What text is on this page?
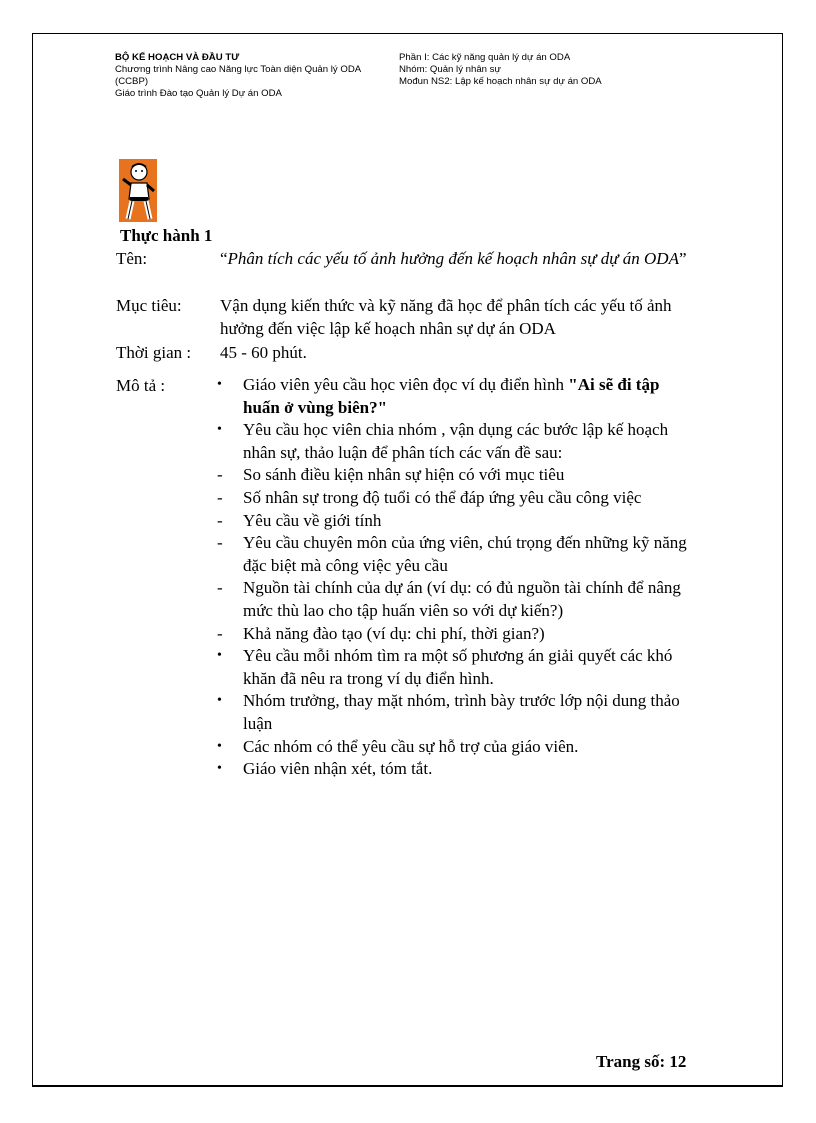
BỘ KẾ HOẠCH VÀ ĐẦU TƯ
Chương trình Nâng cao Năng lực Toàn diện Quản lý ODA (CCBP)
Giáo trình Đào tạo Quản lý Dự án ODA
Phần I: Các kỹ năng quản lý dự án ODA
Nhóm: Quản lý nhân sự
Mođun NS2: Lập kế hoạch nhân sự dự án ODA
Thực hành 1
Tên:	“Phân tích các yếu tố ảnh hưởng đến kế hoạch nhân sự dự án ODA”
Mục tiêu: Vận dụng kiến thức và kỹ năng đã học để phân tích các yếu tố ảnh hưởng đến việc lập kế hoạch nhân sự dự án ODA
Thời gian : 45 - 60 phút.
Mô tả :	•	Giáo viên yêu cầu học viên đọc ví dụ điển hình "Ai sẽ đi tập huấn ở vùng biên?"
•	Yêu cầu học viên chia nhóm , vận dụng các bước lập kế hoạch nhân sự, thảo luận để phân tích các vấn đề sau:
-	So sánh điều kiện nhân sự hiện có với mục tiêu
-	Số nhân sự trong độ tuổi có thể đáp ứng yêu cầu công việc
-	Yêu cầu về giới tính
-	Yêu cầu chuyên môn của ứng viên, chú trọng đến những kỹ năng đặc biệt mà công việc yêu cầu
-	Nguồn tài chính của dự án (ví dụ: có đủ nguồn tài chính để nâng mức thù lao cho tập huấn viên so với dự kiến?)
-	Khả năng đào tạo (ví dụ: chi phí, thời gian?)
•	Yêu cầu mỗi nhóm tìm ra một số phương án giải quyết các khó khăn đã nêu ra trong ví dụ điển hình.
•	Nhóm trưởng, thay mặt nhóm, trình bày trước lớp nội dung thảo luận
•	Các nhóm có thể yêu cầu sự hỗ trợ của giáo viên.
•	Giáo viên nhận xét, tóm tắt.
Trang số: 12
